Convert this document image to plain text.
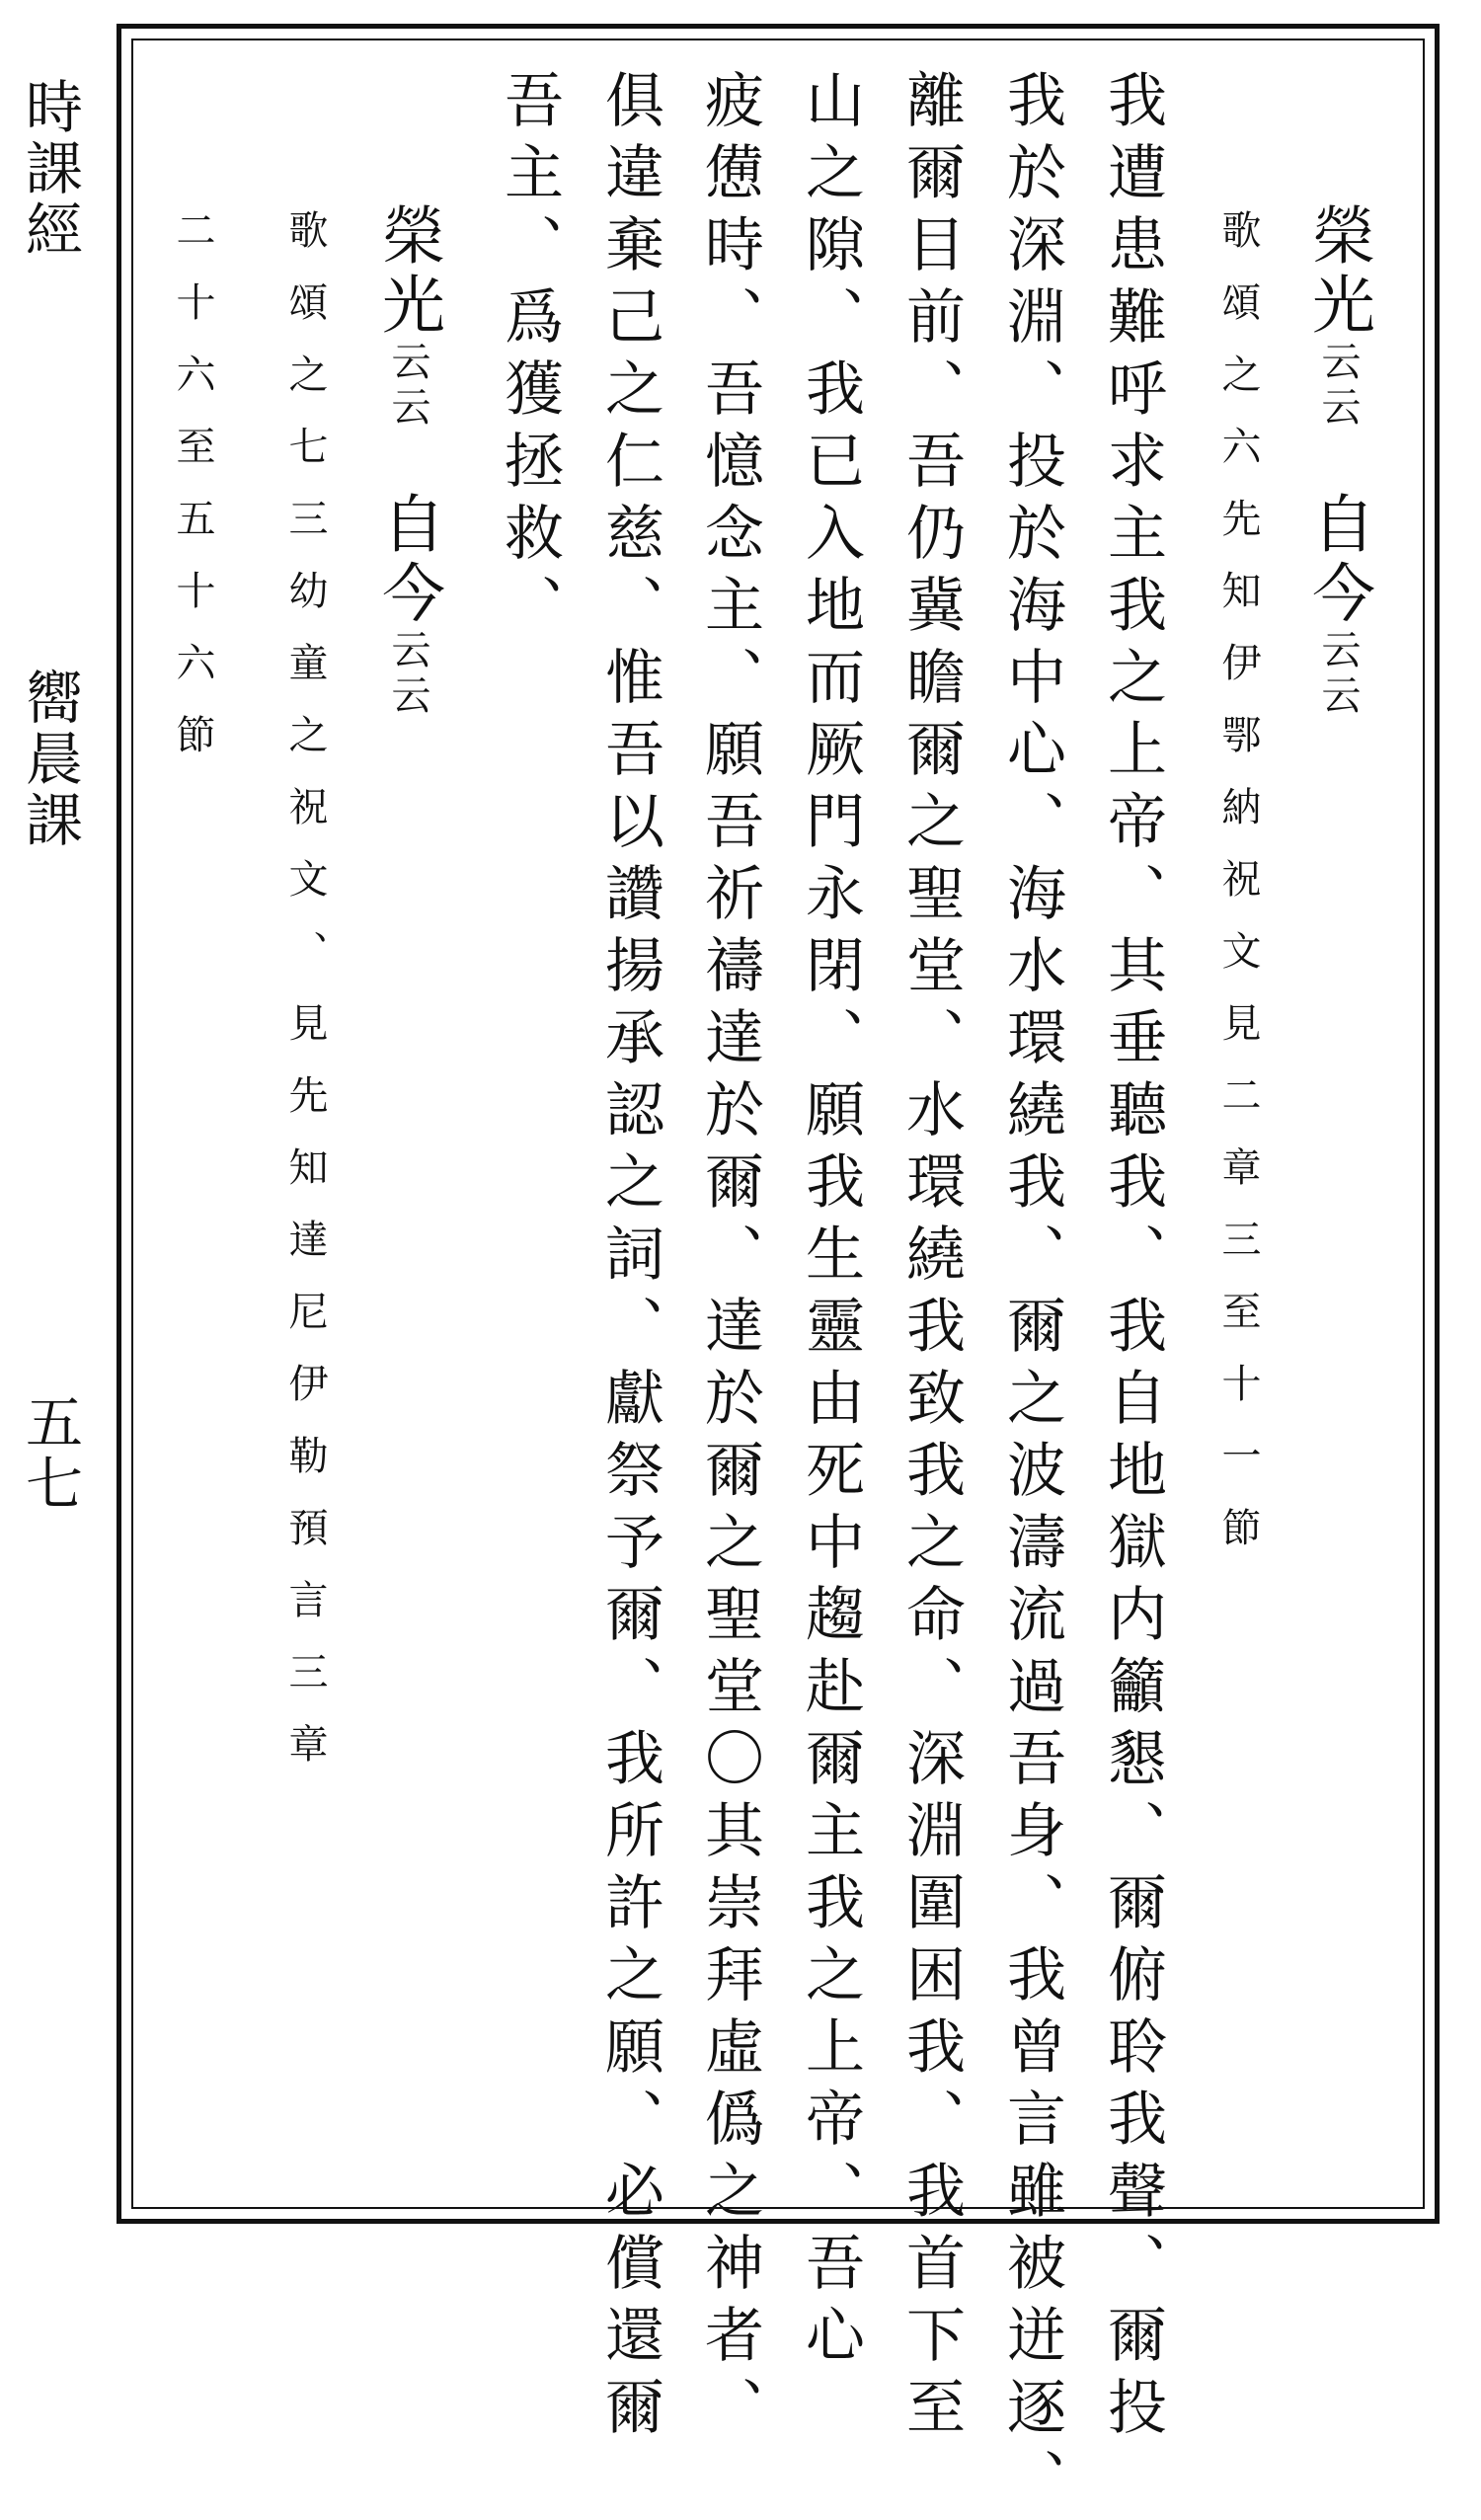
時課經
嚮晨課
五七
榮光云云自今云云
歌頌之六先知伊鄂納祝文見二章三至十一節
我遭患難呼求主我之上帝、其垂聽我、我自地獄内籲懇、爾俯聆我聲、爾投
我於深淵、投於海中心、海水環繞我、爾之波濤流過吾身、我曾言雖被迸逐、
離爾目前、吾仍冀瞻爾之聖堂、水環繞我致我之命、深淵圍困我、我首下至
山之隙、我已入地而厥門永閉、願我生靈由死中趨赴爾主我之上帝、吾心
疲憊時、吾憶念主、願吾祈禱達於爾、達於爾之聖堂〇其崇拜虛僞之神者、
俱違棄己之仁慈、惟吾以讚揚承認之詞、獻祭予爾、我所許之願、必償還爾
吾主、爲獲拯救、
榮光云云自今云云
歌頌之七三幼童之祝文、見先知達尼伊勒預言三章
二十六至五十六節
